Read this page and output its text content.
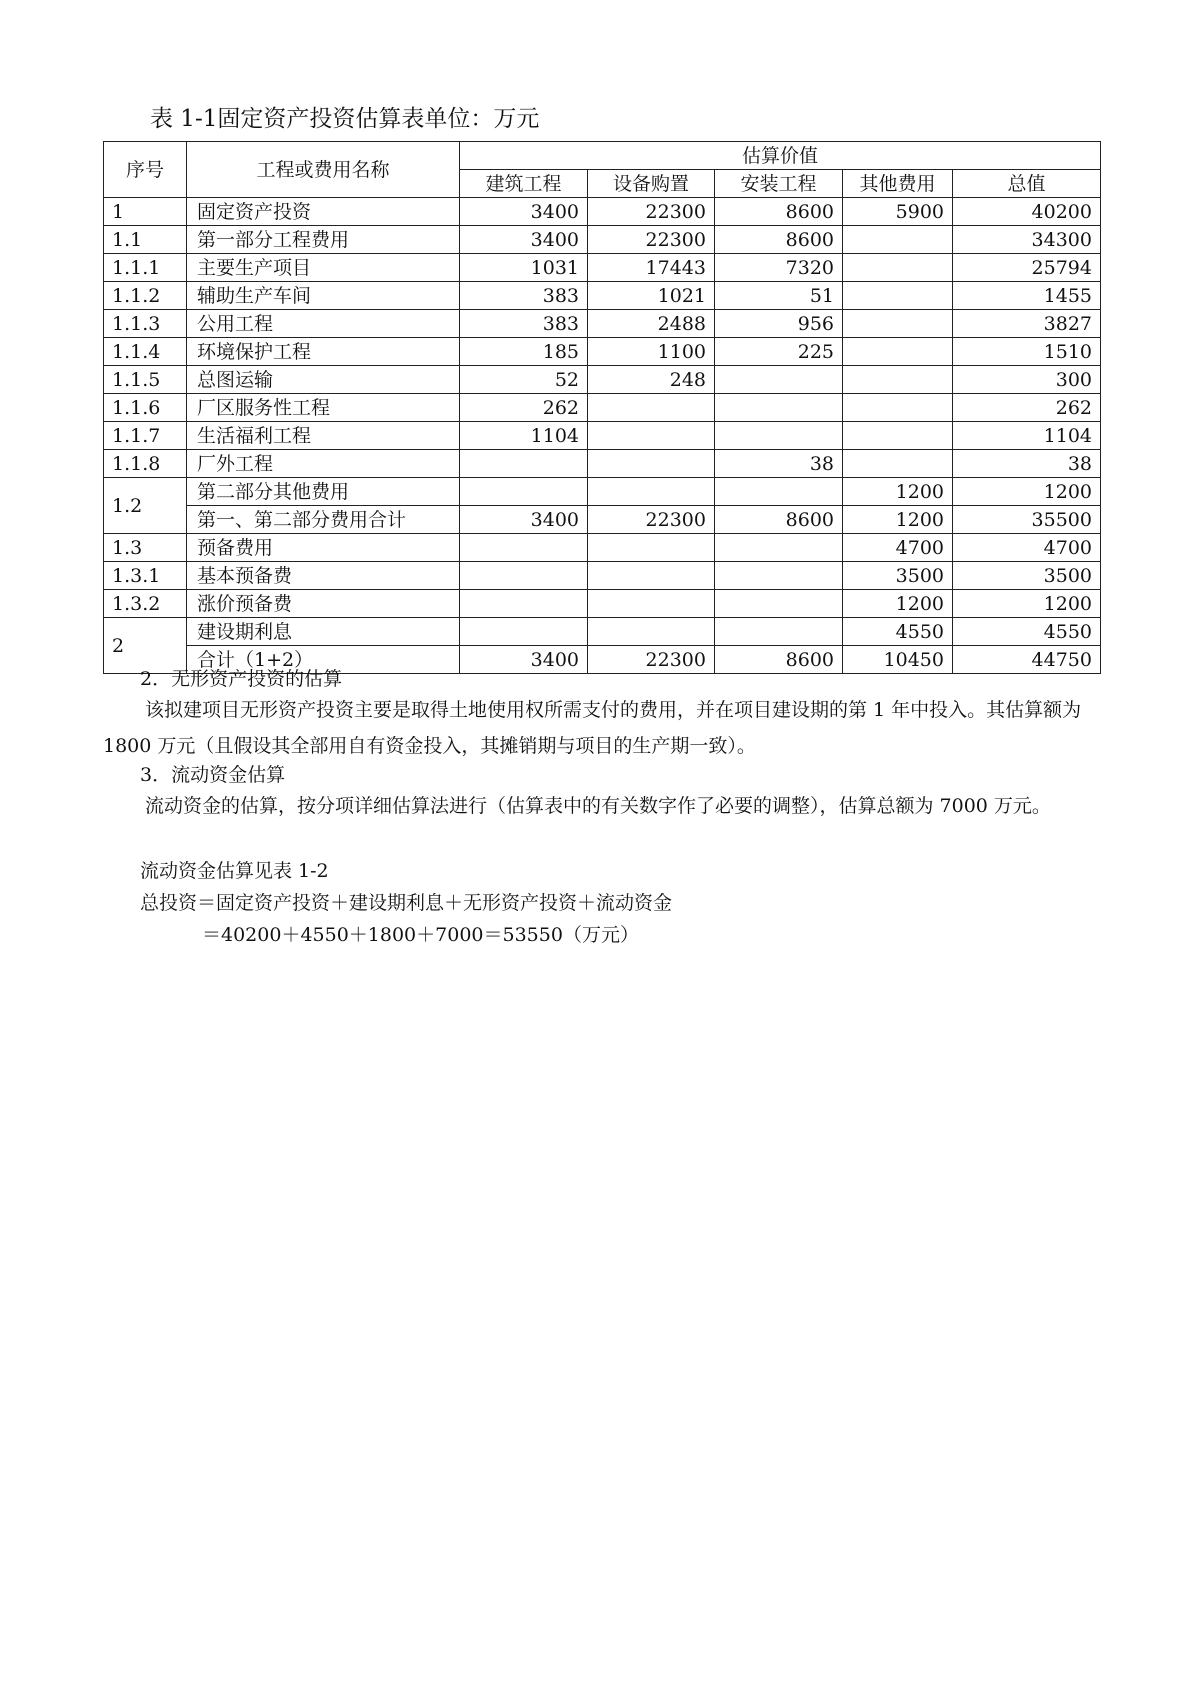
表 1-1固定资产投资估算表单位：万元
序号	工程或费用名称	估算价值				
		建筑工程	设备购置	安装工程	其他费用	总值
1	固定资产投资	3400	22300	8600	5900	40200
1.1	第一部分工程费用	3400	22300	8600		34300
1.1.1	主要生产项目	1031	17443	7320		25794
1.1.2	辅助生产车间	383	1021	51		1455
1.1.3	公用工程	383	2488	956		3827
1.1.4	环境保护工程	185	1100	225		1510
1.1.5	总图运输	52	248			300
1.1.6	厂区服务性工程	262				262
1.1.7	生活福利工程	1104				1104
1.1.8	厂外工程			38		38
1.2	第二部分其他费用				1200	1200
	第一、第二部分费用合计	3400	22300	8600	1200	35500
1.3	预备费用				4700	4700
1.3.1	基本预备费				3500	3500
1.3.2	涨价预备费				1200	1200
2	建设期利息				4550	4550
	合计（1+2）	3400	22300	8600	10450	44750
2．无形资产投资的估算
该拟建项目无形资产投资主要是取得土地使用权所需支付的费用，并在项目建设期的第 1 年中投入。其估算额为 1800 万元（且假设其全部用自有资金投入，其摊销期与项目的生产期一致）。
3．流动资金估算
流动资金的估算，按分项详细估算法进行（估算表中的有关数字作了必要的调整），估算总额为 7000 万元。
流动资金估算见表 1-2
总投资＝固定资产投资＋建设期利息＋无形资产投资＋流动资金
＝40200＋4550＋1800＋7000＝53550（万元）
